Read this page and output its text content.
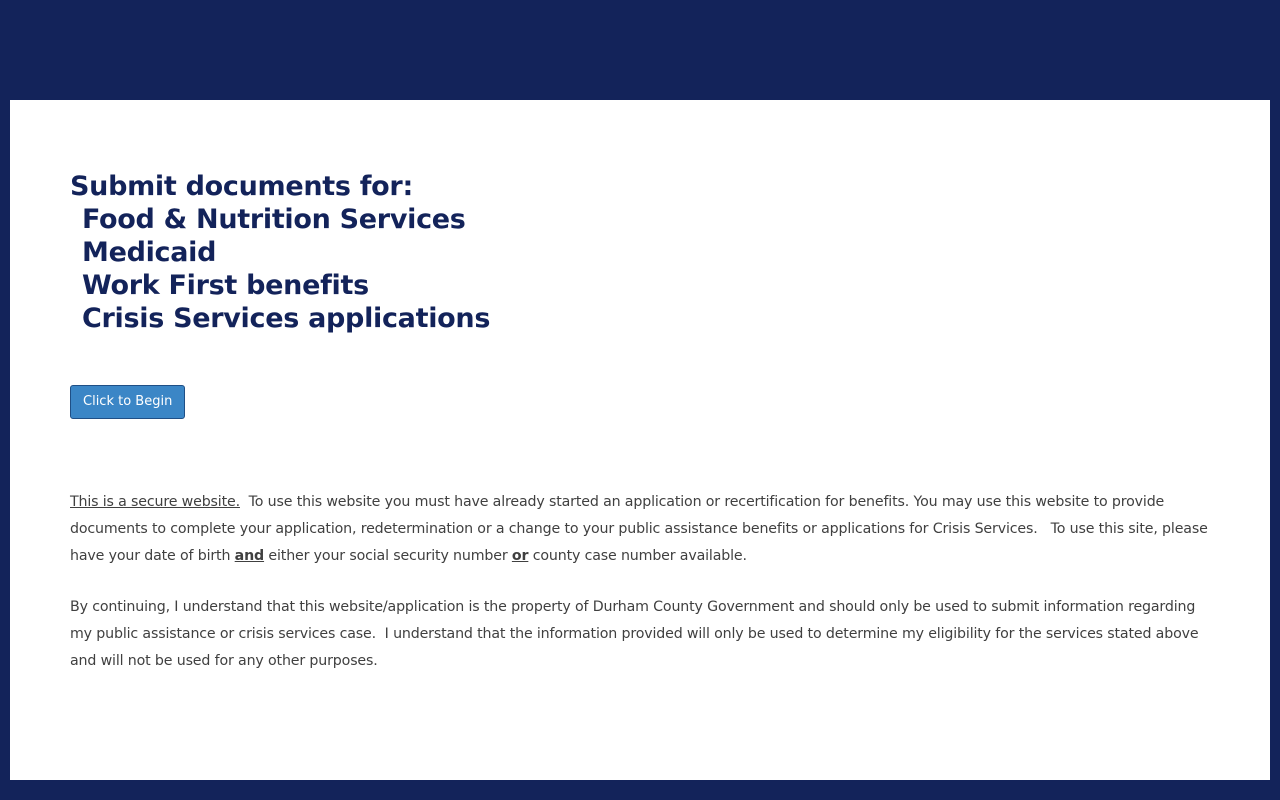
Submit documents for:
Food & Nutrition Services
Medicaid
Work First benefits
Crisis Services applications
Click to Begin

This is a secure website.  To use this website you must have already started an application or recertification for benefits. You may use this website to provide documents to complete your application, redetermination or a change to your public assistance benefits or applications for Crisis Services.   To use this site, please have your date of birth and either your social security number or county case number available.

By continuing, I understand that this website/application is the property of Durham County Government and should only be used to submit information regarding my public assistance or crisis services case.  I understand that the information provided will only be used to determine my eligibility for the services stated above and will not be used for any other purposes.
